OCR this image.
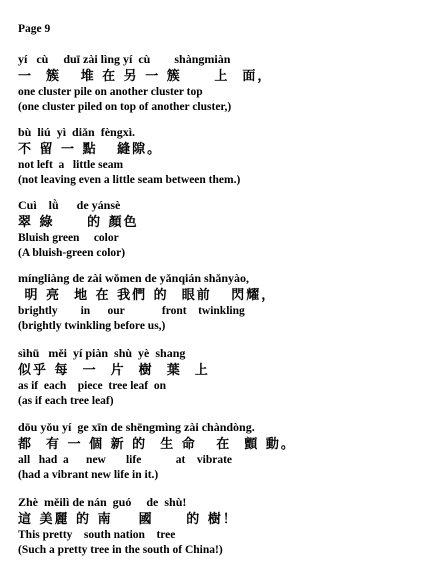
Page 9
yí   cù     duī zài lìng yí  cù        shàngmiàn
一  簇   堆 在 另 一 簇     上  面，
one cluster pile on another cluster top
(one cluster piled on top of another cluster,)
bù  liú  yì  diǎn  fèngxì.
不 留 一 點   縫隙。
not left  a   little seam
(not leaving even a little seam between them.)
Cuì    lǜ      de yánsè
翠 綠     的 顏色
Bluish green     color
(A bluish-green color)
míngliàng de zài wǒmen de yǎnqián shǎnyào,
明 亮  地 在 我們 的  眼前   閃耀，
brightly        in      our             front    twinkling
(brightly twinkling before us,)
sìhū   měi  yí piàn  shù  yè  shang
似乎 每  一  片  樹  葉  上
as if  each    piece  tree leaf  on
(as if each tree leaf)
dōu yǒu yí  ge xīn de shēngmìng zài chàndòng.
都  有 一 個 新 的  生 命   在  顫 動。
all   had  a      new       life            at    vibrate
(had a vibrant new life in it.)
Zhè  měilì de nán  guó     de  shù!
這 美麗 的 南    國     的 樹！
This pretty    south nation    tree
(Such a pretty tree in the south of China!)
